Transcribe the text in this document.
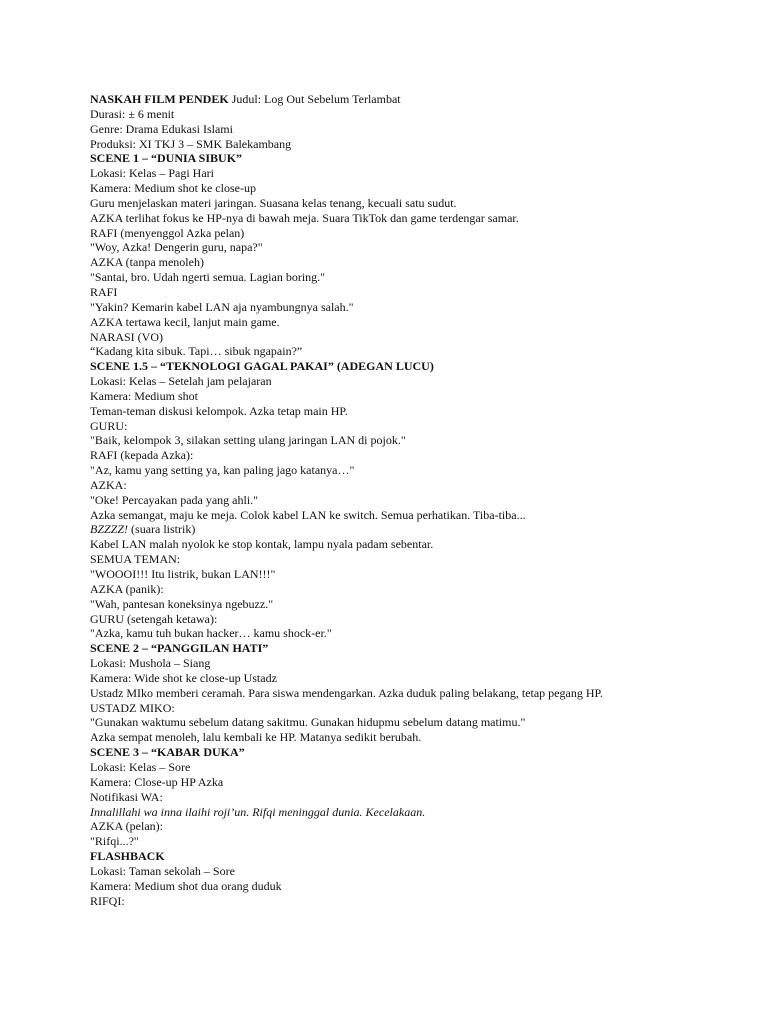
NASKAH FILM PENDEK Judul: Log Out Sebelum Terlambat
Durasi: ± 6 menit
Genre: Drama Edukasi Islami
Produksi: XI TKJ 3 – SMK Balekambang
SCENE 1 – “DUNIA SIBUK”
Lokasi: Kelas – Pagi Hari
Kamera: Medium shot ke close-up
Guru menjelaskan materi jaringan. Suasana kelas tenang, kecuali satu sudut.
AZKA terlihat fokus ke HP-nya di bawah meja. Suara TikTok dan game terdengar samar.
RAFI (menyenggol Azka pelan)
"Woy, Azka! Dengerin guru, napa?"
AZKA (tanpa menoleh)
"Santai, bro. Udah ngerti semua. Lagian boring."
RAFI
"Yakin? Kemarin kabel LAN aja nyambungnya salah."
AZKA tertawa kecil, lanjut main game.
NARASI (VO)
“Kadang kita sibuk. Tapi… sibuk ngapain?”
SCENE 1.5 – “TEKNOLOGI GAGAL PAKAI” (ADEGAN LUCU)
Lokasi: Kelas – Setelah jam pelajaran
Kamera: Medium shot
Teman-teman diskusi kelompok. Azka tetap main HP.
GURU:
"Baik, kelompok 3, silakan setting ulang jaringan LAN di pojok."
RAFI (kepada Azka):
"Az, kamu yang setting ya, kan paling jago katanya…"
AZKA:
"Oke! Percayakan pada yang ahli."
Azka semangat, maju ke meja. Colok kabel LAN ke switch. Semua perhatikan. Tiba-tiba...
BZZZZ! (suara listrik)
Kabel LAN malah nyolok ke stop kontak, lampu nyala padam sebentar.
SEMUA TEMAN:
"WOOOI!!! Itu listrik, bukan LAN!!!"
AZKA (panik):
"Wah, pantesan koneksinya ngebuzz."
GURU (setengah ketawa):
"Azka, kamu tuh bukan hacker… kamu shock-er."
SCENE 2 – “PANGGILAN HATI”
Lokasi: Mushola – Siang
Kamera: Wide shot ke close-up Ustadz
Ustadz MIko memberi ceramah. Para siswa mendengarkan. Azka duduk paling belakang, tetap pegang HP.
USTADZ MIKO:
"Gunakan waktumu sebelum datang sakitmu. Gunakan hidupmu sebelum datang matimu."
Azka sempat menoleh, lalu kembali ke HP. Matanya sedikit berubah.
SCENE 3 – “KABAR DUKA”
Lokasi: Kelas – Sore
Kamera: Close-up HP Azka
Notifikasi WA:
Innalillahi wa inna ilaihi roji’un. Rifqi meninggal dunia. Kecelakaan.
AZKA (pelan):
"Rifqi...?"
FLASHBACK
Lokasi: Taman sekolah – Sore
Kamera: Medium shot dua orang duduk
RIFQI:
